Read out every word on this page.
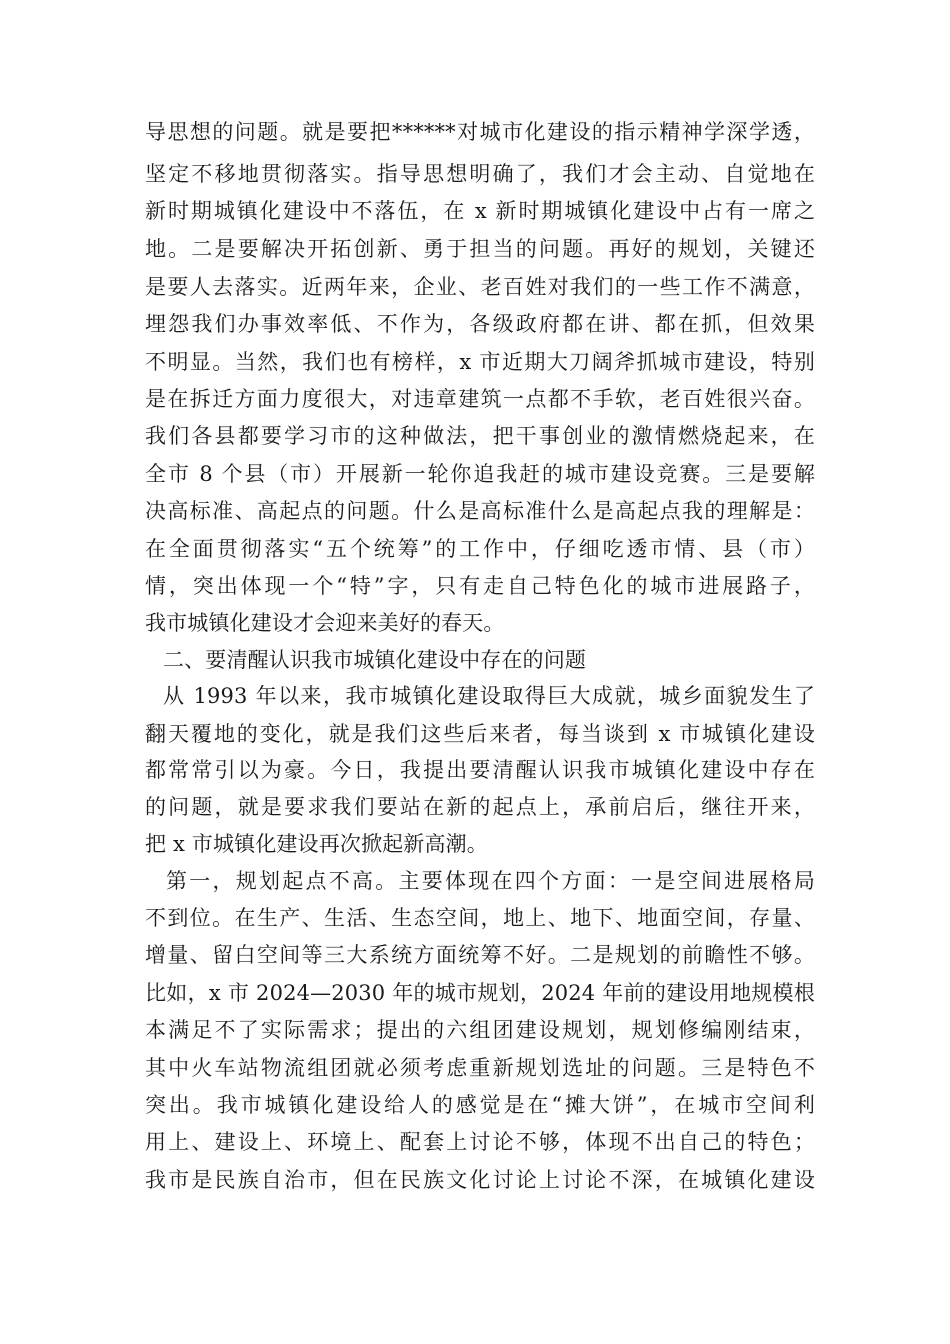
导思想的问题。就是要把******对城市化建设的指示精神学深学透，
坚定不移地贯彻落实。指导思想明确了，我们才会主动、自觉地在
新时期城镇化建设中不落伍，在 x 新时期城镇化建设中占有一席之
地。二是要解决开拓创新、勇于担当的问题。再好的规划，关键还
是要人去落实。近两年来，企业、老百姓对我们的一些工作不满意，
埋怨我们办事效率低、不作为，各级政府都在讲、都在抓，但效果
不明显。当然，我们也有榜样，x 市近期大刀阔斧抓城市建设，特别
是在拆迁方面力度很大，对违章建筑一点都不手软，老百姓很兴奋。
我们各县都要学习市的这种做法，把干事创业的激情燃烧起来，在
全市 8 个县（市）开展新一轮你追我赶的城市建设竞赛。三是要解
决高标准、高起点的问题。什么是高标准什么是高起点我的理解是：
在全面贯彻落实“五个统筹”的工作中，仔细吃透市情、县（市）
情，突出体现一个“特”字，只有走自己特色化的城市进展路子，
我市城镇化建设才会迎来美好的春天。
二、要清醒认识我市城镇化建设中存在的问题
从 1993 年以来，我市城镇化建设取得巨大成就，城乡面貌发生了
翻天覆地的变化，就是我们这些后来者，每当谈到 x 市城镇化建设
都常常引以为豪。今日，我提出要清醒认识我市城镇化建设中存在
的问题，就是要求我们要站在新的起点上，承前启后，继往开来，
把 x 市城镇化建设再次掀起新高潮。
第一，规划起点不高。主要体现在四个方面：一是空间进展格局
不到位。在生产、生活、生态空间，地上、地下、地面空间，存量、
增量、留白空间等三大系统方面统筹不好。二是规划的前瞻性不够。
比如，x 市 2024—2030 年的城市规划，2024 年前的建设用地规模根
本满足不了实际需求；提出的六组团建设规划，规划修编刚结束，
其中火车站物流组团就必须考虑重新规划选址的问题。三是特色不
突出。我市城镇化建设给人的感觉是在“摊大饼”，在城市空间利
用上、建设上、环境上、配套上讨论不够，体现不出自己的特色；
我市是民族自治市，但在民族文化讨论上讨论不深，在城镇化建设
